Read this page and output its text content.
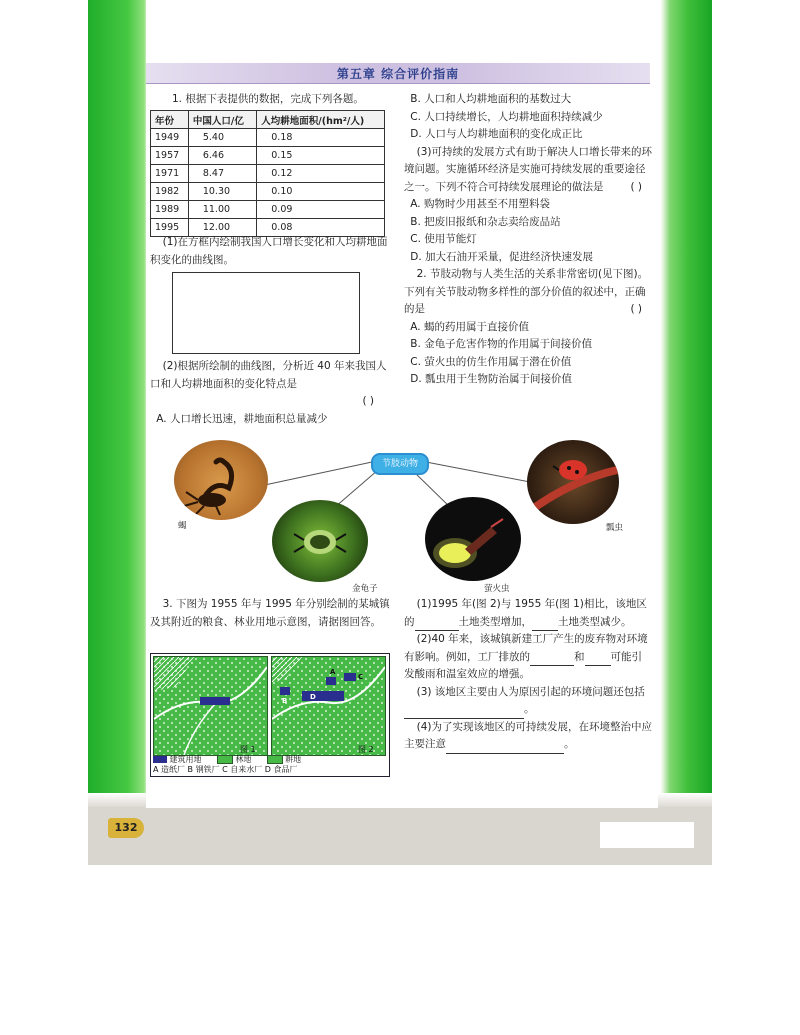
第五章 综合评价指南

1. 根据下表提供的数据，完成下列各题。

年份	中国人口/亿	人均耕地面积/(hm²/人)
1949	5.40	0.18
1957	6.46	0.15
1971	8.47	0.12
1982	10.30	0.10
1989	11.00	0.09
1995	12.00	0.08

(1)在方框内绘制我国人口增长变化和人均耕地面积变化的曲线图。

(2)根据所绘制的曲线图，分析近 40 年来我国人口和人均耕地面积的变化特点是

( )

A. 人口增长迅速，耕地面积总量减少

B. 人口和人均耕地面积的基数过大

C. 人口持续增长，人均耕地面积持续减少

D. 人口与人均耕地面积的变化成正比

(3)可持续的发展方式有助于解决人口增长带来的环境问题。实施循环经济是实施可持续发展的重要途径之一。下列不符合可持续发展理论的做法是	( )

A. 购物时少用甚至不用塑料袋

B. 把废旧报纸和杂志卖给废品站

C. 使用节能灯

D. 加大石油开采量，促进经济快速发展

2. 节肢动物与人类生活的关系非常密切(见下图)。下列有关节肢动物多样性的部分价值的叙述中，正确的是	( )

A. 蝎的药用属于直接价值

B. 金龟子危害作物的作用属于间接价值

C. 萤火虫的仿生作用属于潜在价值

D. 瓢虫用于生物防治属于间接价值

蝎
金龟子	萤火虫
瓢虫
节肢动物

3. 下图为 1955 年与 1995 年分别绘制的某城镇及其附近的粮食、林业用地示意图，请据图回答。

图 1
B	D
A
C
图 2
建筑用地	林地	耕地
A 造纸厂 B 钢铁厂 C 自来水厂 D 食品厂

(1)1995 年(图 2)与 1955 年(图 1)相比，该地区的	土地类型增加， 土地类型减少。

(2)40 年来，该城镇新建工厂产生的废弃物对环境有影响。例如，工厂排放的	和 可能引发酸雨和温室效应的增强。

(3) 该地区主要由人为原因引起的环境问题还包括。

(4)为了实现该地区的可持续发展，在环境整治中应主要注意	。

132
